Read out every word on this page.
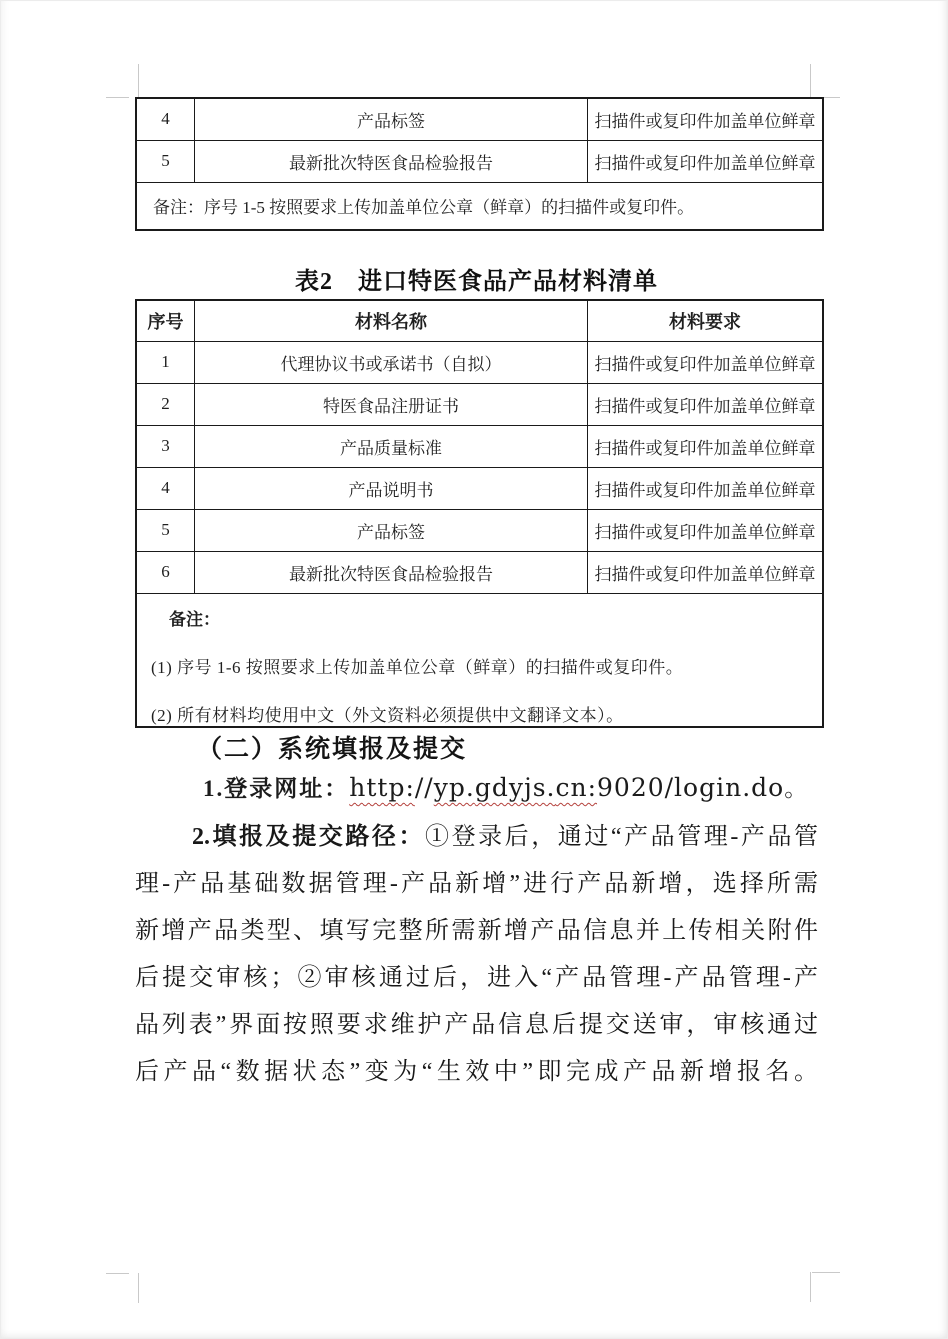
4	产品标签	扫描件或复印件加盖单位鲜章
5	最新批次特医食品检验报告	扫描件或复印件加盖单位鲜章
备注：序号 1-5 按照要求上传加盖单位公章（鲜章）的扫描件或复印件。		
表2　进口特医食品产品材料清单
序号	材料名称	材料要求
1	代理协议书或承诺书（自拟）	扫描件或复印件加盖单位鲜章
2	特医食品注册证书	扫描件或复印件加盖单位鲜章
3	产品质量标准	扫描件或复印件加盖单位鲜章
4	产品说明书	扫描件或复印件加盖单位鲜章
5	产品标签	扫描件或复印件加盖单位鲜章
6	最新批次特医食品检验报告	扫描件或复印件加盖单位鲜章

备注：
(1) 序号 1-6 按照要求上传加盖单位公章（鲜章）的扫描件或复印件。
(2) 所有材料均使用中文（外文资料必须提供中文翻译文本）。		
（二）系统填报及提交
1.登录网址：http://yp.gdyjs.cn:9020/login.do。
2.填报及提交路径：①登录后，通过“产品管理-产品管
理-产品基础数据管理-产品新增”进行产品新增，选择所需
新增产品类型、填写完整所需新增产品信息并上传相关附件
后提交审核；②审核通过后，进入“产品管理-产品管理-产
品列表”界面按照要求维护产品信息后提交送审，审核通过
后产品“数据状态”变为“生效中”即完成产品新增报名。
